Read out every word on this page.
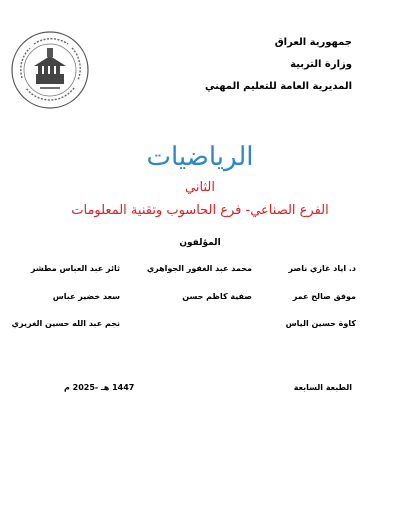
جمهورية العراق
وزارة التربية
المديرية العامة للتعليم المهني
الرياضيات
الثاني
الفرع الصناعي- فرع الحاسوب وتقنية المعلومات
المؤلفون
د. اياد غازي ناصر
محمد عبد الغفور الجواهري
ثائر عبد العباس مطشر
موفق صالح عمر
صفية كاظم حسن
سعد خضير عباس
كاوة حسين الياس
نجم عبد الله حسين الغريري
الطبعة السابعة
1447 هـ -2025 م
